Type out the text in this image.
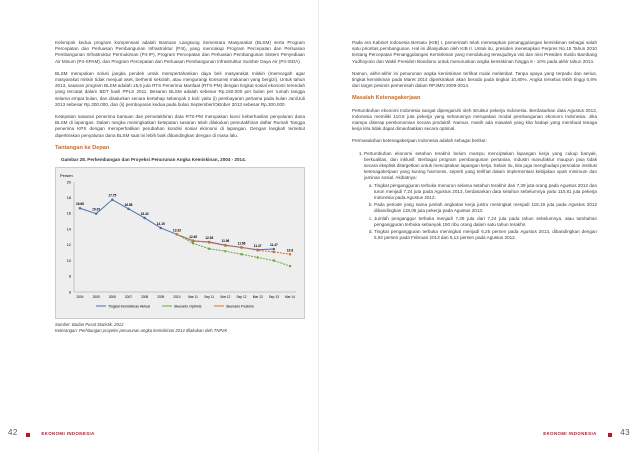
Kelompok kedua program kompensasi adalah Bantuan Langsung Sementara Masyarakat (BLSM) serta Program Percepatan dan Perluasan Pembangunan Infrastruktur (P4I), yang mencakup Program Percepatan dan Perluasan Pembangunan Infrastruktur Permukiman (P4-IP), Program Percepatan dan Perluasan Pembangunan Sistem Penyediaan Air Minum (P4-SPAM), dan Program Percepatan dan Perluasan Pembangunan Infrastruktur Sumber Daya Air (P4-ISDA).

BLSM merupakan solusi jangka pendek untuk mempertahankan daya beli masyarakat miskin (memcegah agar masyarakat miskin tidak menjual aset, berhenti sekolah, atau mengurangi konsumsi makanan yang bergizi). Untuk tahun 2013, sasaran program BLSM adalah 15,5 juta RTS Penerima Manfaat (RTS-PM) dengan tingkat sosial ekonomi terendah yang tercatat dalam BDT hasil PPLS 2011. Besaran BLSM adalah sebesar Rp.150.000 per bulan per rumah tangga selama empat bulan, dan disalurkan secara bertahap sebanyak 2 kali: yaitu (i) pembayaran pertama pada bulan Juni/Juli 2013 sebesar Rp.300.000, dan (ii) pembayaran kedua pada bulan September/Oktober 2013 sebesar Rp.300.000.

Ketepatan sasaran penerima bantuan dan pemutakhiran data RTS-PM merupakan kunci keberhasilan penyaluran dana BLSM di lapangan. Dalam rangka meningkatkan ketepatan sasaran telah dilakukan pemutakhiran daftar Rumah Tangga penerima KPS dengan memperhatikan perubahan kondisi sosial ekonomi di lapangan. Dengan langkah tersebut diperkirakan penyaluran dana BLSM saat ini lebih baik dibandingkan dengan di masa lalu.

Tantangan ke Depan
Gambar 28. Perkembangan dan Proyeksi Penurunan Angka Kemiskinan, 2004 - 2014.
Persen
6
8
10
12
14
16
18
20
2004	2005	2006	2007	2008	2009	2010 Mar 11 Sep 11 Mar 12 Sep 12 Mar 13 Sep 13 Mar 14
16.66
15.97
17.75
16.58
15.42
14.15
13.33
12.49	12.36
11.96
11.66
11.37	11.47
10.8
Tingkat Kemiskinan Aktual	Skenario Optimis	Skenario Pesimis
Sumber: Badan Pusat Statistik, 2012
Keterangan: Perhitungan proyeksi penurunan angka kemiskinan 2014 dilakukan oleh TNP2K
42	EKONOMI INDONESIA

Pada era Kabinet Indonesia Bersatu (KIB) I, pemerintah telah menetapkan penanggulangan kemiskinan sebagai salah satu prioritas pembangunan. Hal ini dilanjutkan oleh KIB II. Untuk itu, presiden menetapkan Perpres No.15 Tahun 2010 tentang Percepatan Penanggulangan Kemiskinan yang mendukung terwujudnya visi dan misi Presiden Susilo Bambang Yudhoyono dan Wakil Presiden Boediono untuk menurunkan angka kemiskinan hingga 8 - 10% pada akhir tahun 2014.

Namun, akhir-akhir ini penurunan angka kemiskinan terlihat mulai melambat. Tanpa upaya yang terpadu dan serius, tingkat kemiskinan pada Maret 2014 diperkirakan akan berada pada tingkat 10,80%. Angka tersebut lebih tinggi 0,8% dari target pesimis pemerintah dalam RPJMN 2009-2014.

Masalah Ketenagakerjaan

Pertumbuhan ekonomi Indonesia sangat dipengaruhi oleh struktur pekerja Indonesia. Berdasarkan data Agustus 2013, Indonesia memiliki 110,8 juta pekerja yang seharusnya merupakan modal pembangunan ekonomi Indonesia. Jika mampu diserap perekonomian secara produktif. Namun, masih ada masalah yang kita hadapi yang membuat tenaga kerja kita tidak dapat dimanfaatkan secara optimal.

Permasalahan ketenagakerjaan Indonesia adalah sebagai berikut:

1. Pertumbuhan ekonomi setahun terakhir belum mampu menciptakan lapangan kerja yang cukup banyak, berkualitas, dan inklusif. Berbagai program pembangunan pertanian, industri manufaktur maupun jasa tidak secara eksplisit ditargetkan untuk menciptakan lapangan kerja. Selain itu, kita juga menghadapi persoalan institusi ketenagakerjaan yang kurang harmonis, seperti yang terlihat dalam implementasi kebijakan upah minimum dan jaminan sosial. Akibatnya:
a. Tingkat pengangguran terbuka menurun selama setahun terakhir dari 7,39 juta orang pada Agustus 2012 dan turun menjadi 7,24 juta pada Agustus 2013, berdasarkan data setahun sebelumnya yaitu 110,81 juta pekerja Indonesia pada Agustus 2012.
b. Pada periode yang sama jumlah angkatan kerja justru meningkat menjadi 118,19 juta pada Agustus 2012 dibandingkan 118,05 juta pekerja pada Agustus 2013.
c. Jumlah penganggur terbuka menjadi 7,39 juta dari 7,24 juta pada tahun sebelumnya, atau tambahan pengangguran terbuka sebanyak 150 ribu orang dalam satu tahun terakhir.
d. Tingkat pengangguran terbuka meningkat menjadi 6,25 persen pada Agustus 2013, dibandingkan dengan 5,92 persen pada Februari 2013 dan 6,12 persen pada Agustus 2012.
EKONOMI INDONESIA	43
